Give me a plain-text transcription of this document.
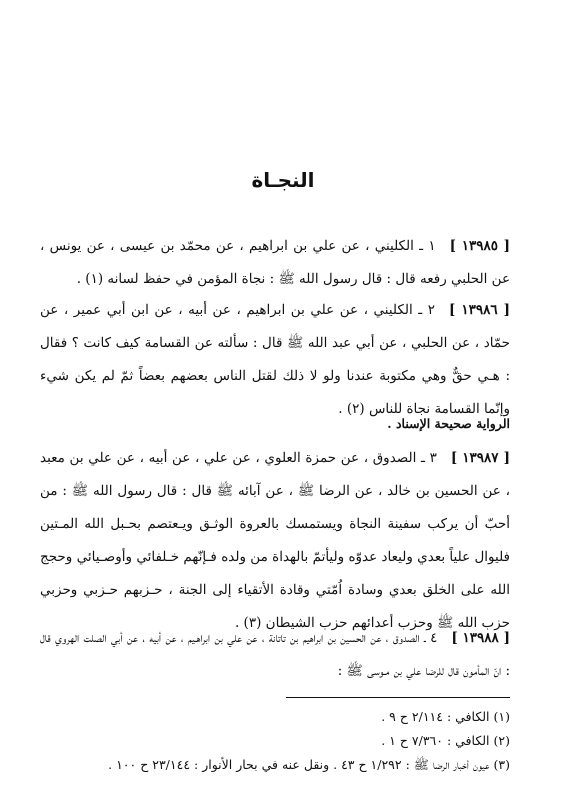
النجـاة
[ ١٣٩٨٥ ]١ ـ الكليني ، عن علي بن ابراهيم ، عن محمّد بن عيسى ، عن يونس ، عن الحلبي رفعه قال : قال رسول الله ﷺ : نجاة المؤمن في حفظ لسانه (١) .
[ ١٣٩٨٦ ]٢ ـ الكليني ، عن علي بن ابراهيم ، عن أبيه ، عن ابن أبي عمير ، عن حمّاد ، عن الحلبي ، عن أبي عبد الله ﷺ قال : سألته عن القسامة كيف كانت ؟ فقال : هـي حقٌّ وهي مكتوبة عندنا ولو لا ذلك لقتل الناس بعضهم بعضاً ثمّ لم يكن شيء وإنّما القسامة نجاة للناس (٢) .
الرواية صحيحة الإسناد .
[ ١٣٩٨٧ ]٣ ـ الصدوق ، عن حمزة العلوي ، عن علي ، عن أبيه ، عن علي بن معبد ، عن الحسين بن خالد ، عن الرضا ﷺ ، عن آبائه ﷺ قال : قال رسول الله ﷺ : من أحبّ أن يركب سفينة النجاة ويستمسك بالعروة الوثـق ويـعتصم بحـبل الله المـتين فليوال علياً بعدي وليعاد عدوّه وليأتمّ بالهداة من ولده فـإنّهم خـلفائي وأوصـيائي وحجج الله على الخلق بعدي وسادة اُمّتي وقادة الأتقياء إلى الجنة ، حـزبهم حـزبي وحزبي حزب الله ﷺ وحزب أعدائهم حزب الشيطان (٣) .
[ ١٣٩٨٨ ]٤ ـ الصدوق ، عن الحسين بن ابراهيم بن تاتانة ، عن علي بن ابراهـيم ، عن أبيه ، عن أبي الصلت الهروي قال : انّ المأمون قال للرضا علي بن مـوسى ﷺ :
(١) الكافي : ٢/١١٤ ح ٩ .
(٢) الكافي : ٧/٣٦٠ ح ١ .
(٣) عيون أخبار الرضا ﷺ : ١/٢٩٢ ح ٤٣ . ونقل عنه في بحار الأنوار : ٢٣/١٤٤ ح ١٠٠ .
